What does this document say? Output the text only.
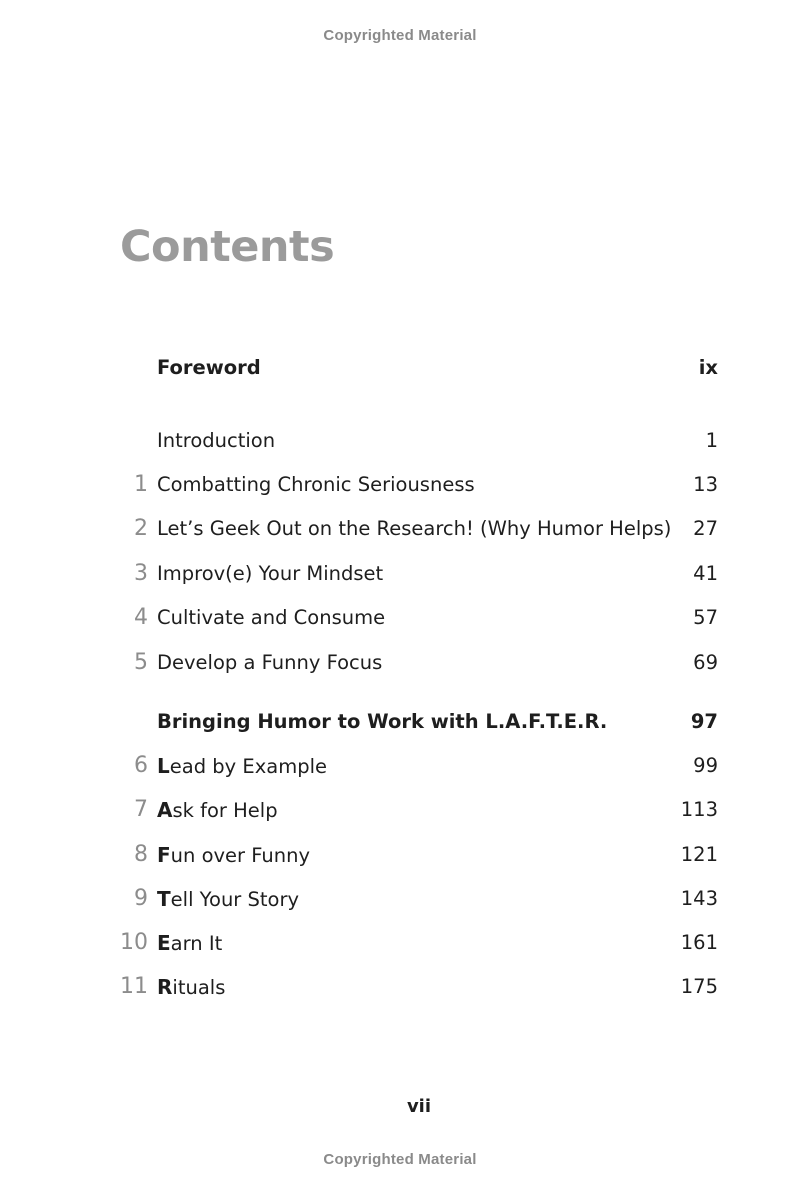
Copyrighted Material
Contents
Foreword	ix
Introduction	1
1 Combatting Chronic Seriousness	13
2 Let’s Geek Out on the Research! (Why Humor Helps) 27
3 Improv(e) Your Mindset	41
4 Cultivate and Consume	57
5 Develop a Funny Focus	69
Bringing Humor to Work with L.A.F.T.E.R.	97
6 Lead by Example	99
7 Ask for Help	113
8 Fun over Funny	121
9 Tell Your Story	143
10 Earn It	161
11 Rituals	175
vii
Copyrighted Material
